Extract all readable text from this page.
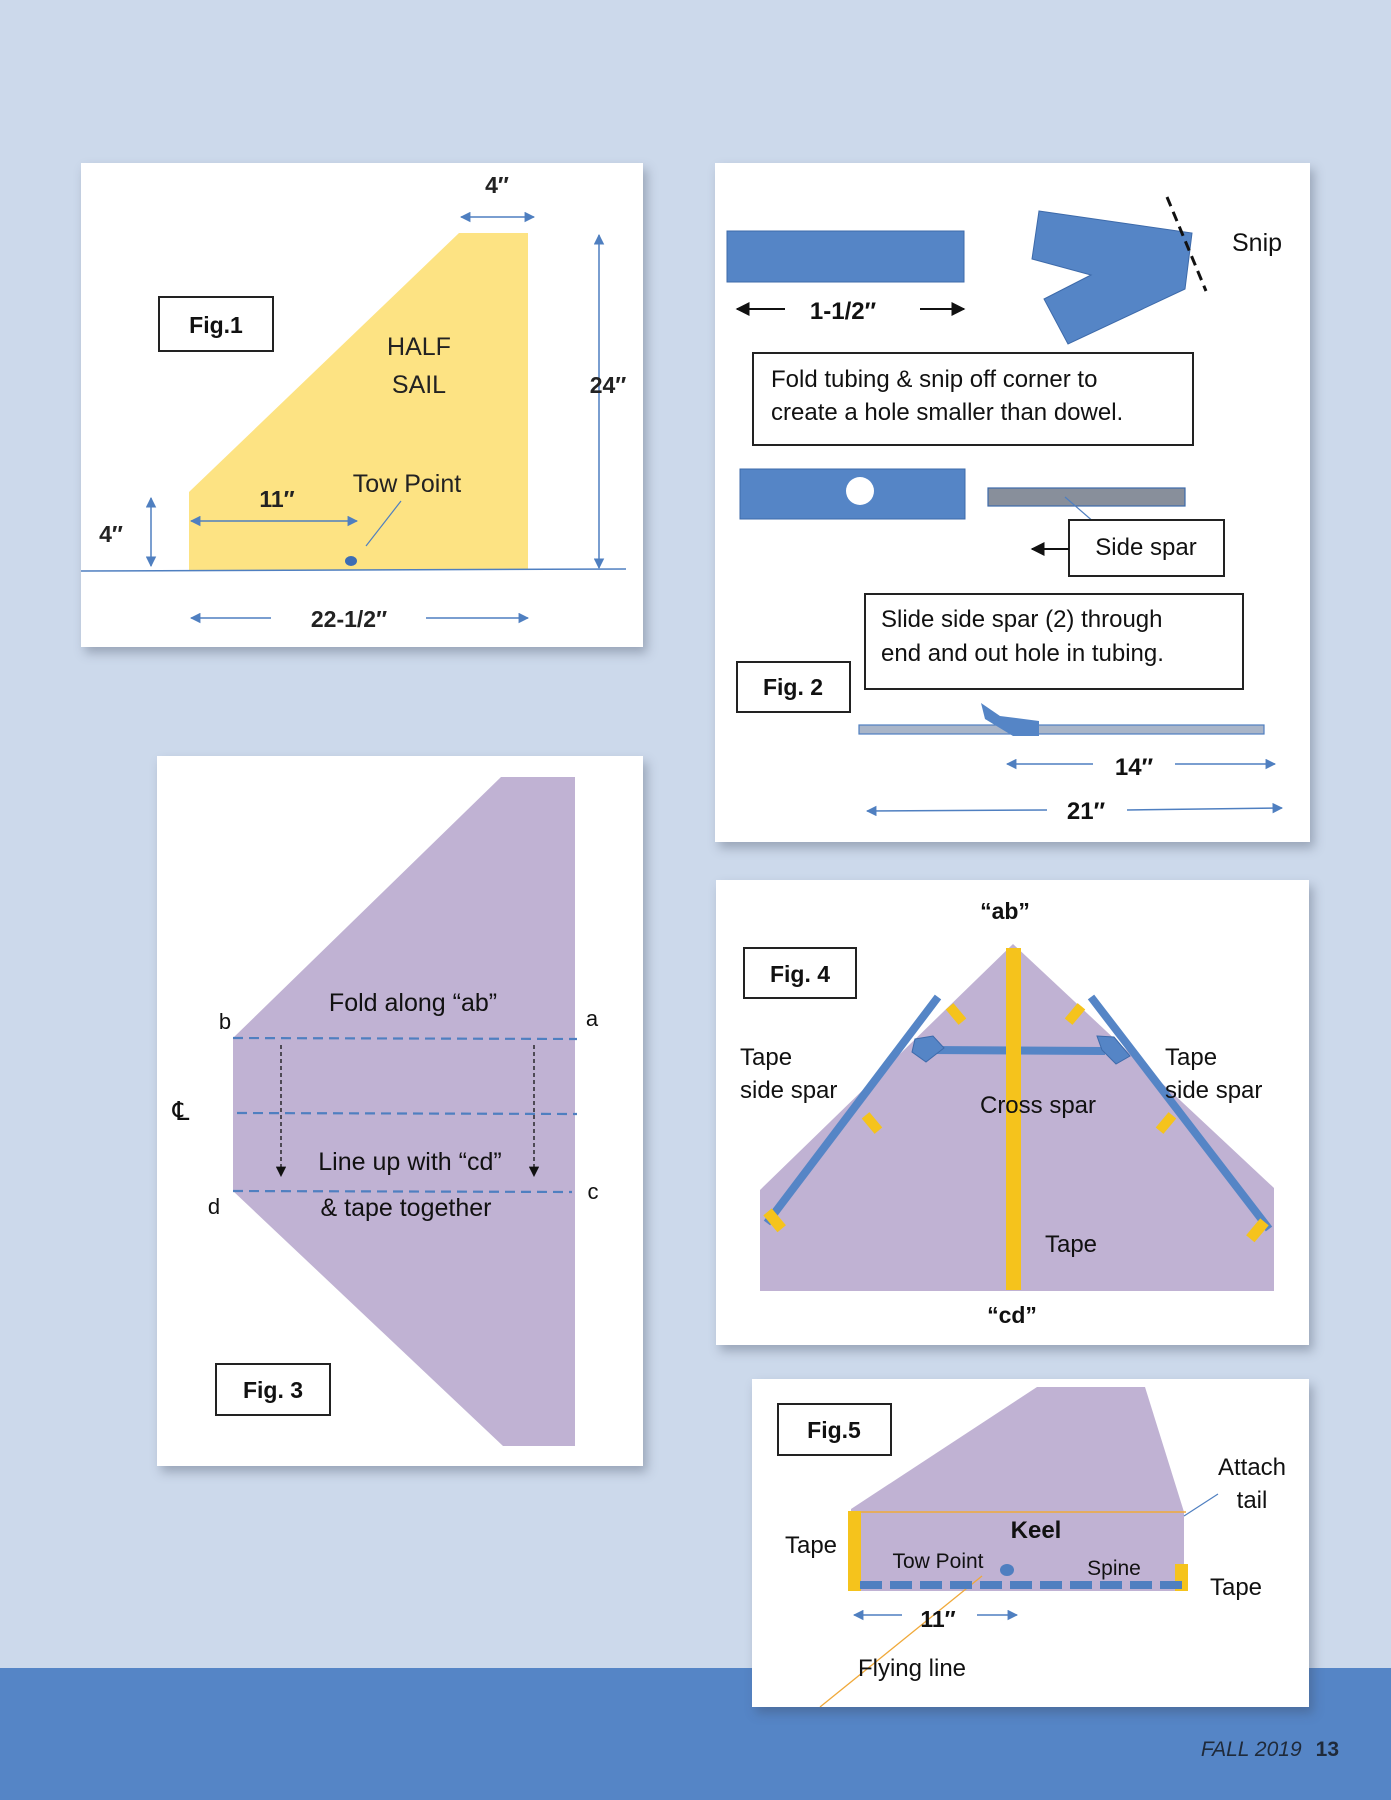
Fig.1
HALF
SAIL
4″
24″
4″
11″
Tow Point
22-1/2″
Snip
1-1/2″
Fold tubing & snip off corner to
create a hole smaller than dowel.
Side spar
Slide side spar (2) through
end and out hole in tubing.
Fig. 2
14″
21″
Fold along “ab”
b	a
℄
Line up with “cd”
& tape together
d
c
Fig. 3
“ab”
“cd”
Fig. 4
Tape
side spar
Tape
side spar
Cross spar
Tape
Fig.5
Keel
Tow Point	Spine
Tape
Tape
Attach
tail
11″
Flying line
FALL 2019 13
